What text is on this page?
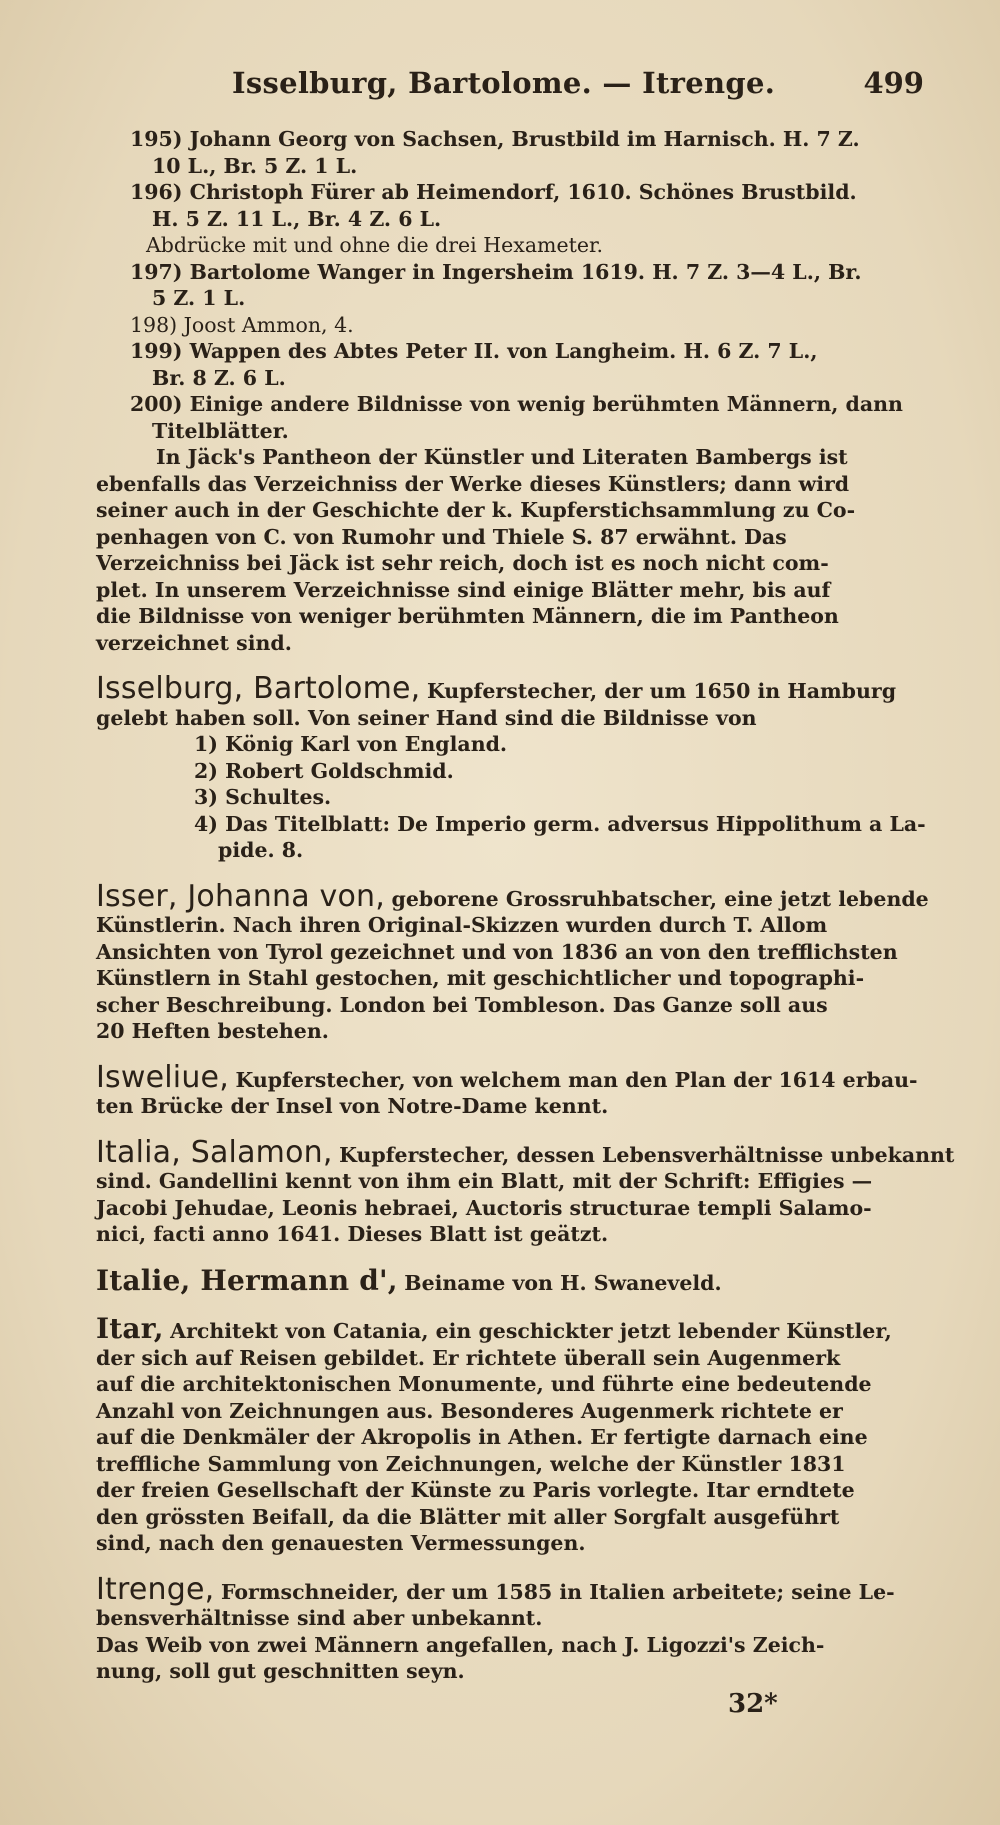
Isselburg, Bartolome. — Itrenge.	499
195) Johann Georg von Sachsen, Brustbild im Harnisch. H. 7 Z.
10 L., Br. 5 Z. 1 L.
196) Christoph Fürer ab Heimendorf, 1610. Schönes Brustbild.
H. 5 Z. 11 L., Br. 4 Z. 6 L.
Abdrücke mit und ohne die drei Hexameter.
197) Bartolome Wanger in Ingersheim 1619. H. 7 Z. 3—4 L., Br.
5 Z. 1 L.
198) Joost Ammon, 4.
199) Wappen des Abtes Peter II. von Langheim. H. 6 Z. 7 L.,
Br. 8 Z. 6 L.
200) Einige andere Bildnisse von wenig berühmten Männern, dann
Titelblätter.
In Jäck's Pantheon der Künstler und Literaten Bambergs ist
ebenfalls das Verzeichniss der Werke dieses Künstlers; dann wird
seiner auch in der Geschichte der k. Kupferstichsammlung zu Co-
penhagen von C. von Rumohr und Thiele S. 87 erwähnt. Das
Verzeichniss bei Jäck ist sehr reich, doch ist es noch nicht com-
plet. In unserem Verzeichnisse sind einige Blätter mehr, bis auf
die Bildnisse von weniger berühmten Männern, die im Pantheon
verzeichnet sind.
Isselburg, Bartolome, Kupferstecher, der um 1650 in Hamburg
gelebt haben soll. Von seiner Hand sind die Bildnisse von
1) König Karl von England.
2) Robert Goldschmid.
3) Schultes.
4) Das Titelblatt: De Imperio germ. adversus Hippolithum a La-
pide. 8.
Isser, Johanna von, geborene Grossruhbatscher, eine jetzt lebende
Künstlerin. Nach ihren Original-Skizzen wurden durch T. Allom
Ansichten von Tyrol gezeichnet und von 1836 an von den trefflichsten
Künstlern in Stahl gestochen, mit geschichtlicher und topographi-
scher Beschreibung. London bei Tombleson. Das Ganze soll aus
20 Heften bestehen.
Isweliue, Kupferstecher, von welchem man den Plan der 1614 erbau-
ten Brücke der Insel von Notre-Dame kennt.
Italia, Salamon, Kupferstecher, dessen Lebensverhältnisse unbekannt
sind. Gandellini kennt von ihm ein Blatt, mit der Schrift: Effigies —
Jacobi Jehudae, Leonis hebraei, Auctoris structurae templi Salamo-
nici, facti anno 1641. Dieses Blatt ist geätzt.
Italie, Hermann d', Beiname von H. Swaneveld.
Itar, Architekt von Catania, ein geschickter jetzt lebender Künstler,
der sich auf Reisen gebildet. Er richtete überall sein Augenmerk
auf die architektonischen Monumente, und führte eine bedeutende
Anzahl von Zeichnungen aus. Besonderes Augenmerk richtete er
auf die Denkmäler der Akropolis in Athen. Er fertigte darnach eine
treffliche Sammlung von Zeichnungen, welche der Künstler 1831
der freien Gesellschaft der Künste zu Paris vorlegte. Itar erndtete
den grössten Beifall, da die Blätter mit aller Sorgfalt ausgeführt
sind, nach den genauesten Vermessungen.
Itrenge, Formschneider, der um 1585 in Italien arbeitete; seine Le-
bensverhältnisse sind aber unbekannt.
Das Weib von zwei Männern angefallen, nach J. Ligozzi's Zeich-
nung, soll gut geschnitten seyn.
32*
